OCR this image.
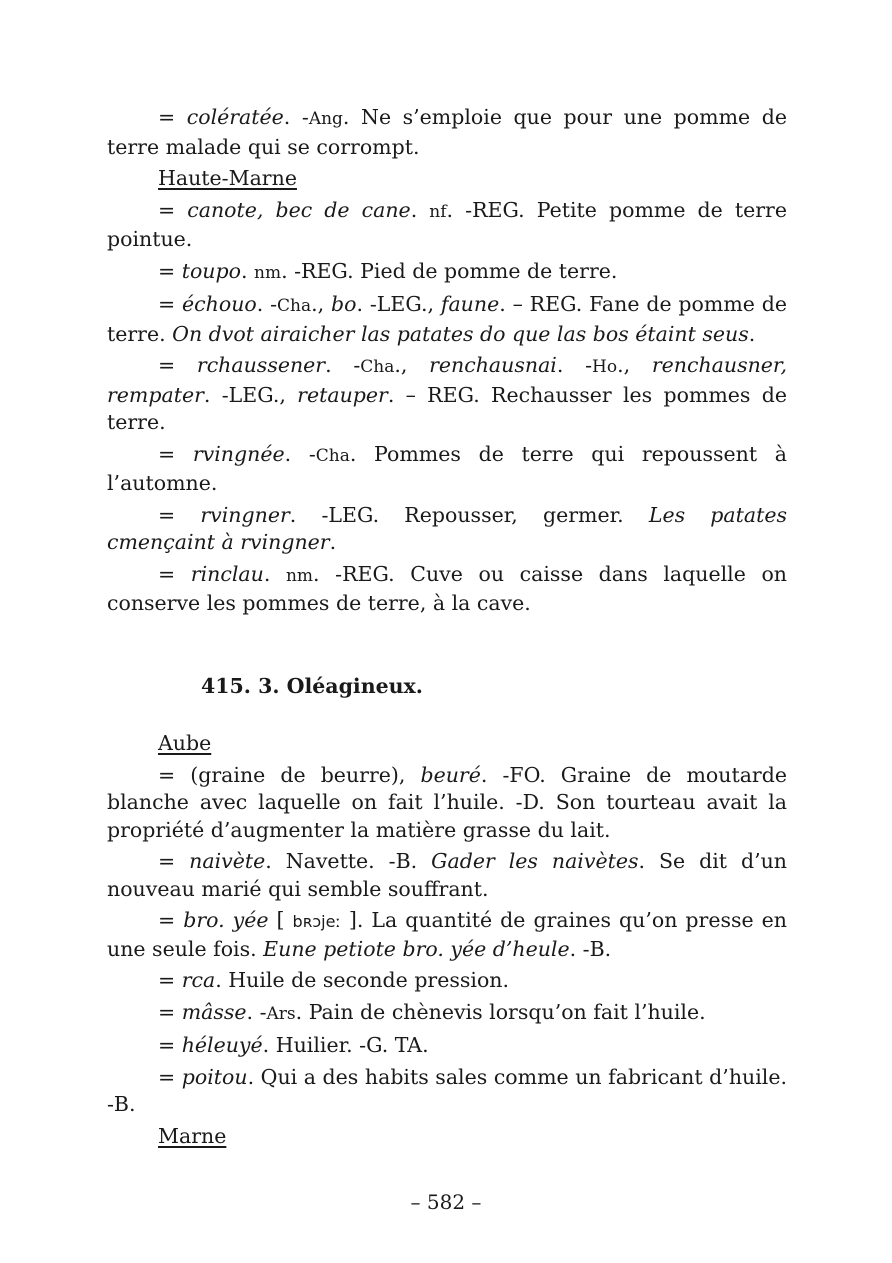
= colératée. -Ang. Ne s’emploie que pour une pomme de terre malade qui se corrompt.

Haute-Marne

= canote, bec de cane. nf. -REG. Petite pomme de terre pointue.

= toupo. nm. -REG. Pied de pomme de terre.

= échouo. -Cha., bo. -LEG., faune. – REG. Fane de pomme de terre. On dvot airaicher las patates do que las bos étaint seus.

= rchaussener. -Cha., renchausnai. -Ho., renchausner, rempater. -LEG., retauper. – REG. Rechausser les pommes de terre.

= rvingnée. -Cha. Pommes de terre qui repoussent à l’automne.

= rvingner. -LEG. Repousser, germer. Les patates cmençaint à rvingner.

= rinclau. nm. -REG. Cuve ou caisse dans laquelle on conserve les pommes de terre, à la cave.

415. 3. Oléagineux.

Aube

= (graine de beurre), beuré. -FO. Graine de moutarde blanche avec laquelle on fait l’huile. -D. Son tourteau avait la propriété d’augmenter la matière grasse du lait.

= naivète. Navette. -B. Gader les naivètes. Se dit d’un nouveau marié qui semble souffrant.

= bro. yée [ bʀɔjeː ]. La quantité de graines qu’on presse en une seule fois. Eune petiote bro. yée d’heule. -B.

= rca. Huile de seconde pression.

= mâsse. -Ars. Pain de chènevis lorsqu’on fait l’huile.

= héleuyé. Huilier. -G. TA.

= poitou. Qui a des habits sales comme un fabricant d’huile. -B.

Marne

– 582 –
